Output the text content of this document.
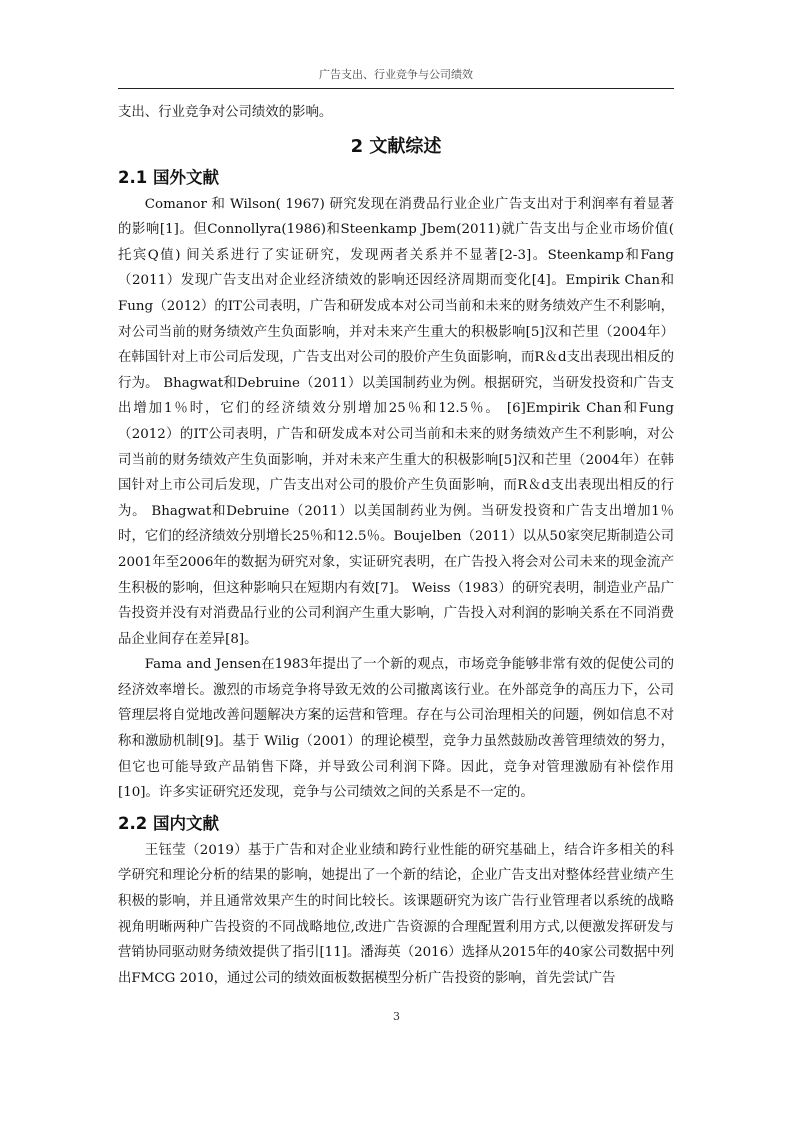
广告支出、行业竞争与公司绩效

支出、行业竞争对公司绩效的影响。

2 文献综述
2.1 国外文献

Comanor 和 Wilson( 1967) 研究发现在消费品行业企业广告支出对于利润率有着显著的影响[1]。但Connollyra(1986)和Steenkamp Jbem(2011)就广告支出与企业市场价值( 托宾Q值) 间关系进行了实证研究，发现两者关系并不显著[2-3]。Steenkamp和Fang（2011）发现广告支出对企业经济绩效的影响还因经济周期而变化[4]。Empirik Chan和Fung（2012）的IT公司表明，广告和研发成本对公司当前和未来的财务绩效产生不利影响，对公司当前的财务绩效产生负面影响，并对未来产生重大的积极影响[5]汉和芒里（2004年）在韩国针对上市公司后发现，广告支出对公司的股价产生负面影响，而R＆d支出表现出相反的行为。 Bhagwat和Debruine（2011）以美国制药业为例。根据研究，当研发投资和广告支出增加1％时，它们的经济绩效分别增加25％和12.5％。 [6]Empirik Chan和Fung（2012）的IT公司表明，广告和研发成本对公司当前和未来的财务绩效产生不利影响，对公司当前的财务绩效产生负面影响，并对未来产生重大的积极影响[5]汉和芒里（2004年）在韩国针对上市公司后发现，广告支出对公司的股价产生负面影响，而R＆d支出表现出相反的行为。 Bhagwat和Debruine（2011）以美国制药业为例。当研发投资和广告支出增加1％时，它们的经济绩效分别增长25％和12.5％。Boujelben（2011）以从50家突尼斯制造公司2001年至2006年的数据为研究对象，实证研究表明，在广告投入将会对公司未来的现金流产生积极的影响，但这种影响只在短期内有效[7]。 Weiss（1983）的研究表明，制造业产品广告投资并没有对消费品行业的公司利润产生重大影响，广告投入对利润的影响关系在不同消费品企业间存在差异[8]。

Fama and Jensen在1983年提出了一个新的观点，市场竞争能够非常有效的促使公司的经济效率增长。激烈的市场竞争将导致无效的公司撤离该行业。在外部竞争的高压力下，公司管理层将自觉地改善问题解决方案的运营和管理。存在与公司治理相关的问题，例如信息不对称和激励机制[9]。基于 Wilig（2001）的理论模型，竞争力虽然鼓励改善管理绩效的努力，但它也可能导致产品销售下降，并导致公司利润下降。因此，竞争对管理激励有补偿作用[10]。许多实证研究还发现，竞争与公司绩效之间的关系是不一定的。

2.2 国内文献

王钰莹（2019）基于广告和对企业业绩和跨行业性能的研究基础上，结合许多相关的科学研究和理论分析的结果的影响，她提出了一个新的结论，企业广告支出对整体经营业绩产生积极的影响，并且通常效果产生的时间比较长。该课题研究为该广告行业管理者以系统的战略视角明晰两种广告投资的不同战略地位,改进广告资源的合理配置利用方式,以便激发挥研发与营销协同驱动财务绩效提供了指引[11]。潘海英（2016）选择从2015年的40家公司数据中列出FMCG 2010，通过公司的绩效面板数据模型分析广告投资的影响，首先尝试广告

3
